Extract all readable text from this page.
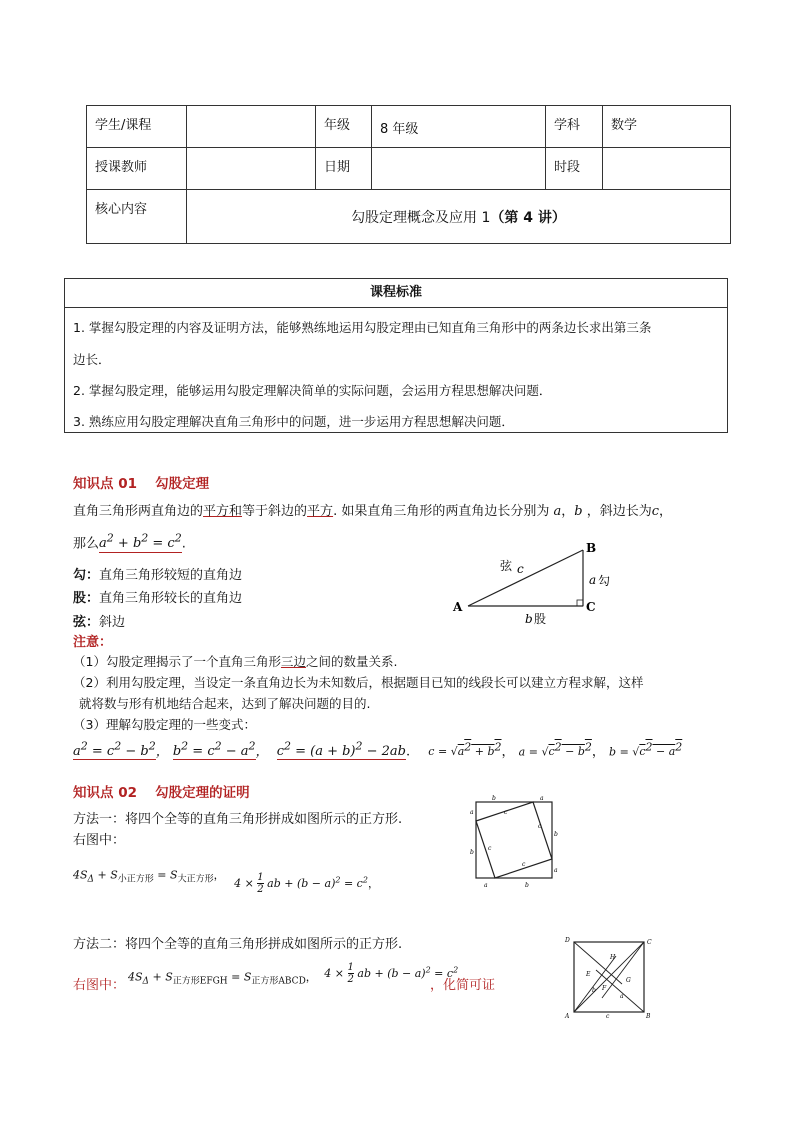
学生/课程		年级	8 年级	学科	数学
授课教师		日期		时段	
核心内容	勾股定理概念及应用 1（第 4 讲）				
课程标准
1. 掌握勾股定理的内容及证明方法，能够熟练地运用勾股定理由已知直角三角形中的两条边长求出第三条
边长．
2. 掌握勾股定理，能够运用勾股定理解决简单的实际问题，会运用方程思想解决问题．
3. 熟练应用勾股定理解决直角三角形中的问题，进一步运用方程思想解决问题．
知识点 01　 勾股定理
直角三角形两直角边的平方和等于斜边的平方. 如果直角三角形的两直角边长分别为 a，b ，斜边长为c，
那么$a^2 + b^2 = c^2$.
勾：直角三角形较短的直角边
股：直角三角形较长的直角边
弦：斜边
A
B
C
弦 c
a 勾
b 股
注意：
（1）勾股定理揭示了一个直角三角形三边之间的数量关系.
（2）利用勾股定理，当设定一条直角边长为未知数后，根据题目已知的线段长可以建立方程求解，这样
就将数与形有机地结合起来，达到了解决问题的目的.
（3）理解勾股定理的一些变式：
$a^2 = c^2 - b^2$， $b^2 = c^2 - a^2$， $c^2 = (a + b)^2 - 2ab$. $c = √a^2 + b^2$， $a = √c^2 - b^2$， $b = √c^2 - a^2$
知识点 02　 勾股定理的证明
方法一：将四个全等的直角三角形拼成如图所示的正方形.
右图中：
$4S_\Delta + S_{小正方形} = S_{大正方形}$， $4 \times \frac{1}{2}$ ab + $(b - a)^2 = c^2$，
b	a
a
b
b
a
a	b
c
c
c
c
方法二：将四个全等的直角三角形拼成如图所示的正方形.
右图中：
$4S_\Delta + S_{正方形EFGH} = S_{正方形ABCD}$， $4 \times \frac{1}{2}$ ab + $(b - a)^2 = c^2$
，化简可证
D	C
A	B
E
H
G
F
c
b
a
